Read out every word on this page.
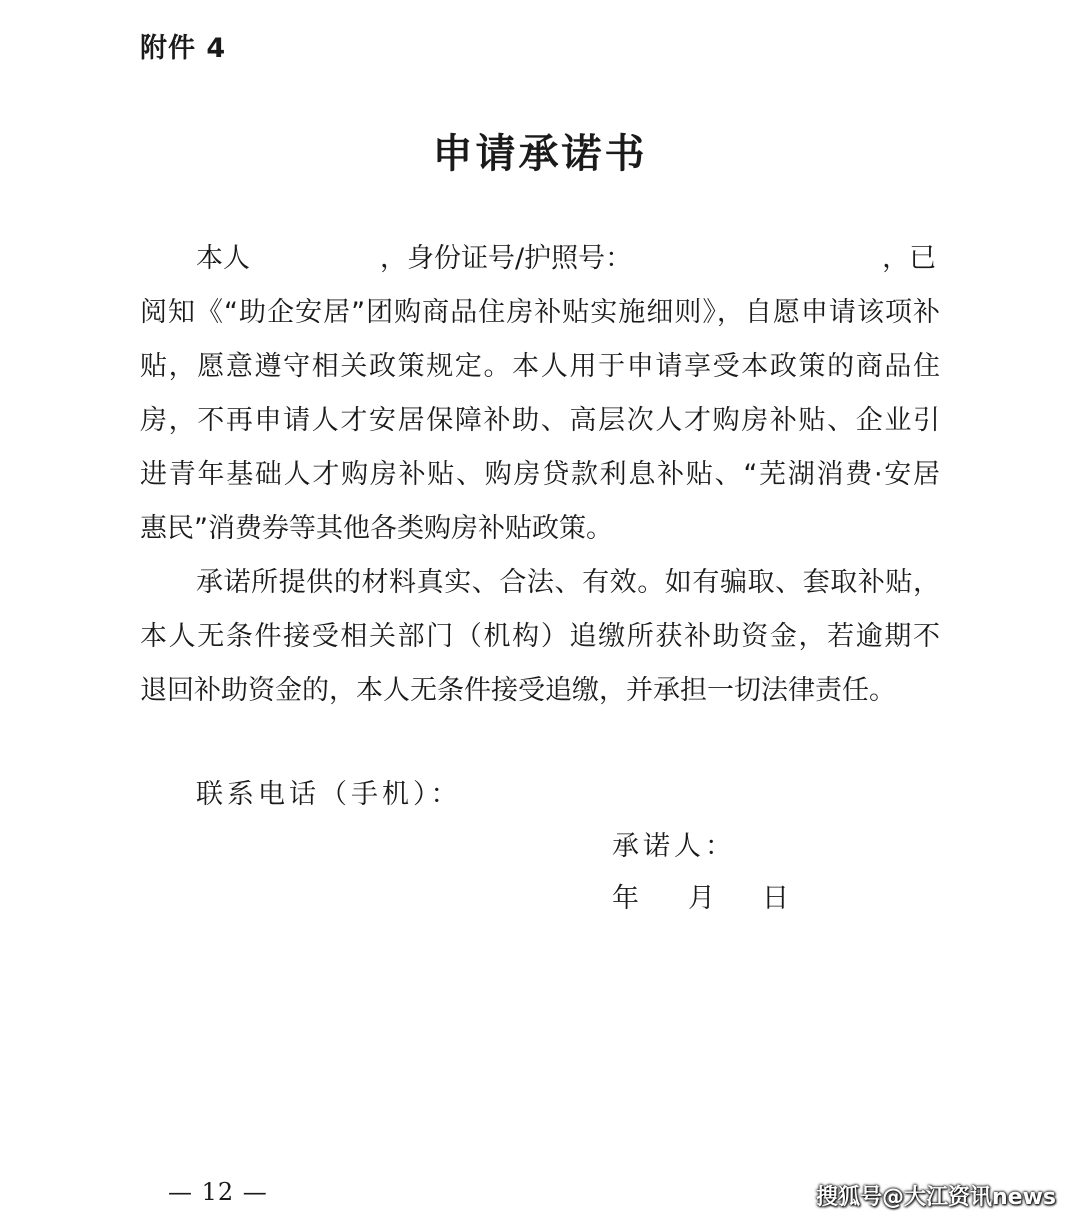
附件 4
申请承诺书
本人	，身份证号/护照号：	，已
阅知《“助企安居”团购商品住房补贴实施细则》，自愿申请该项补
贴，愿意遵守相关政策规定。本人用于申请享受本政策的商品住
房，不再申请人才安居保障补助、高层次人才购房补贴、企业引
进青年基础人才购房补贴、购房贷款利息补贴、“芜湖消费·安居
惠民”消费券等其他各类购房补贴政策。
承诺所提供的材料真实、合法、有效。如有骗取、套取补贴，
本人无条件接受相关部门（机构）追缴所获补助资金，若逾期不
退回补助资金的，本人无条件接受追缴，并承担一切法律责任。
联系电话（手机）：
承诺人：
年 月 日
— 12 —	搜狐号@大江资讯news
